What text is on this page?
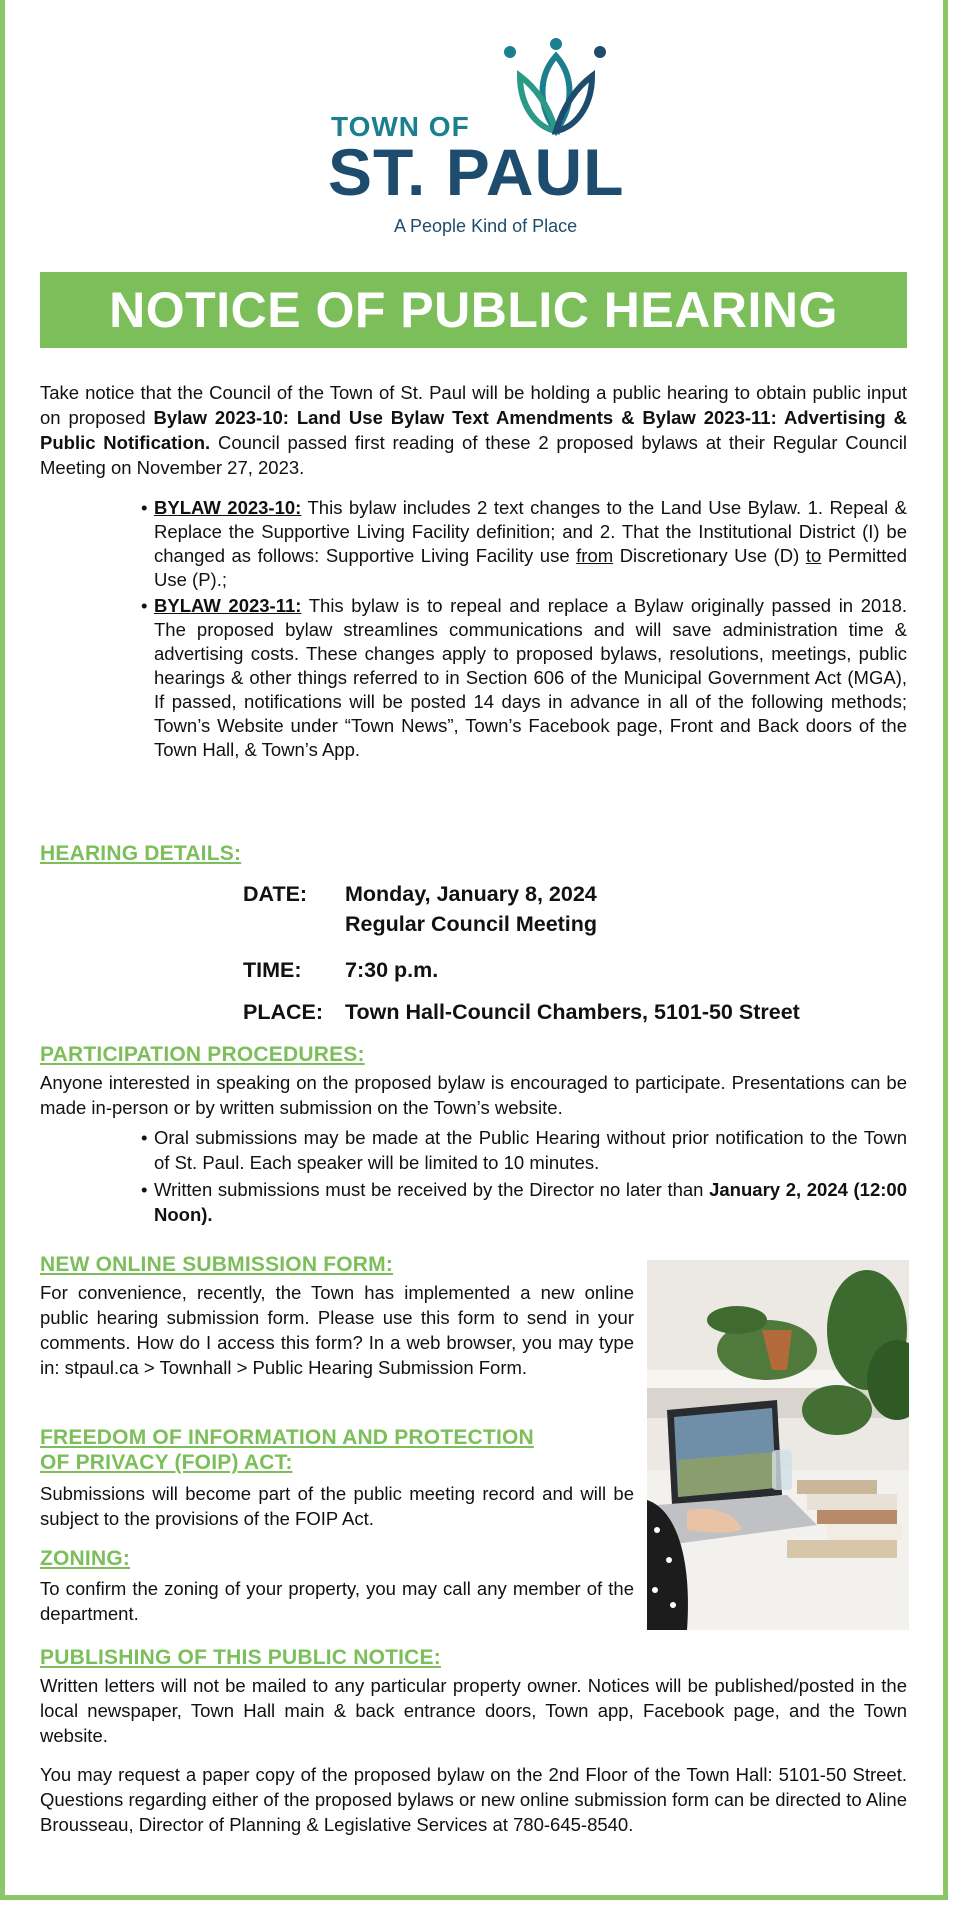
TOWN OF
ST. PAUL
A People Kind of Place
NOTICE OF PUBLIC HEARING
Take notice that the Council of the Town of St. Paul will be holding a public hearing to obtain public input on proposed Bylaw 2023-10: Land Use Bylaw Text Amendments & Bylaw 2023-11: Advertising & Public Notification. Council passed first reading of these 2 proposed bylaws at their Regular Council Meeting on November 27, 2023.
• BYLAW 2023-10: This bylaw includes 2 text changes to the Land Use Bylaw. 1. Repeal & Replace the Supportive Living Facility definition; and 2. That the Institutional District (I) be changed as follows: Supportive Living Facility use from Discretionary Use (D) to Permitted Use (P).;
• BYLAW 2023-11: This bylaw is to repeal and replace a Bylaw originally passed in 2018. The proposed bylaw streamlines communications and will save administration time & advertising costs. These changes apply to proposed bylaws, resolutions, meetings, public hearings & other things referred to in Section 606 of the Municipal Government Act (MGA), If passed, notifications will be posted 14 days in advance in all of the following methods; Town’s Website under “Town News”, Town’s Facebook page, Front and Back doors of the Town Hall, & Town’s App.
HEARING DETAILS:
DATE: Monday, January 8, 2024
Regular Council Meeting
TIME: 7:30 p.m.
PLACE: Town Hall-Council Chambers, 5101-50 Street
PARTICIPATION PROCEDURES:
Anyone interested in speaking on the proposed bylaw is encouraged to participate. Presentations can be made in-person or by written submission on the Town’s website.
• Oral submissions may be made at the Public Hearing without prior notification to the Town of St. Paul. Each speaker will be limited to 10 minutes.
• Written submissions must be received by the Director no later than January 2, 2024 (12:00 Noon).
NEW ONLINE SUBMISSION FORM:
For convenience, recently, the Town has implemented a new online public hearing submission form. Please use this form to send in your comments. How do I access this form? In a web browser, you may type in: stpaul.ca > Townhall > Public Hearing Submission Form.
FREEDOM OF INFORMATION AND PROTECTION
OF PRIVACY (FOIP) ACT:
Submissions will become part of the public meeting record and will be subject to the provisions of the FOIP Act.
ZONING:
To confirm the zoning of your property, you may call any member of the department.
PUBLISHING OF THIS PUBLIC NOTICE:
Written letters will not be mailed to any particular property owner. Notices will be published/posted in the local newspaper, Town Hall main & back entrance doors, Town app, Facebook page, and the Town website.
You may request a paper copy of the proposed bylaw on the 2nd Floor of the Town Hall: 5101-50 Street. Questions regarding either of the proposed bylaws or new online submission form can be directed to Aline Brousseau, Director of Planning & Legislative Services at 780-645-8540.
